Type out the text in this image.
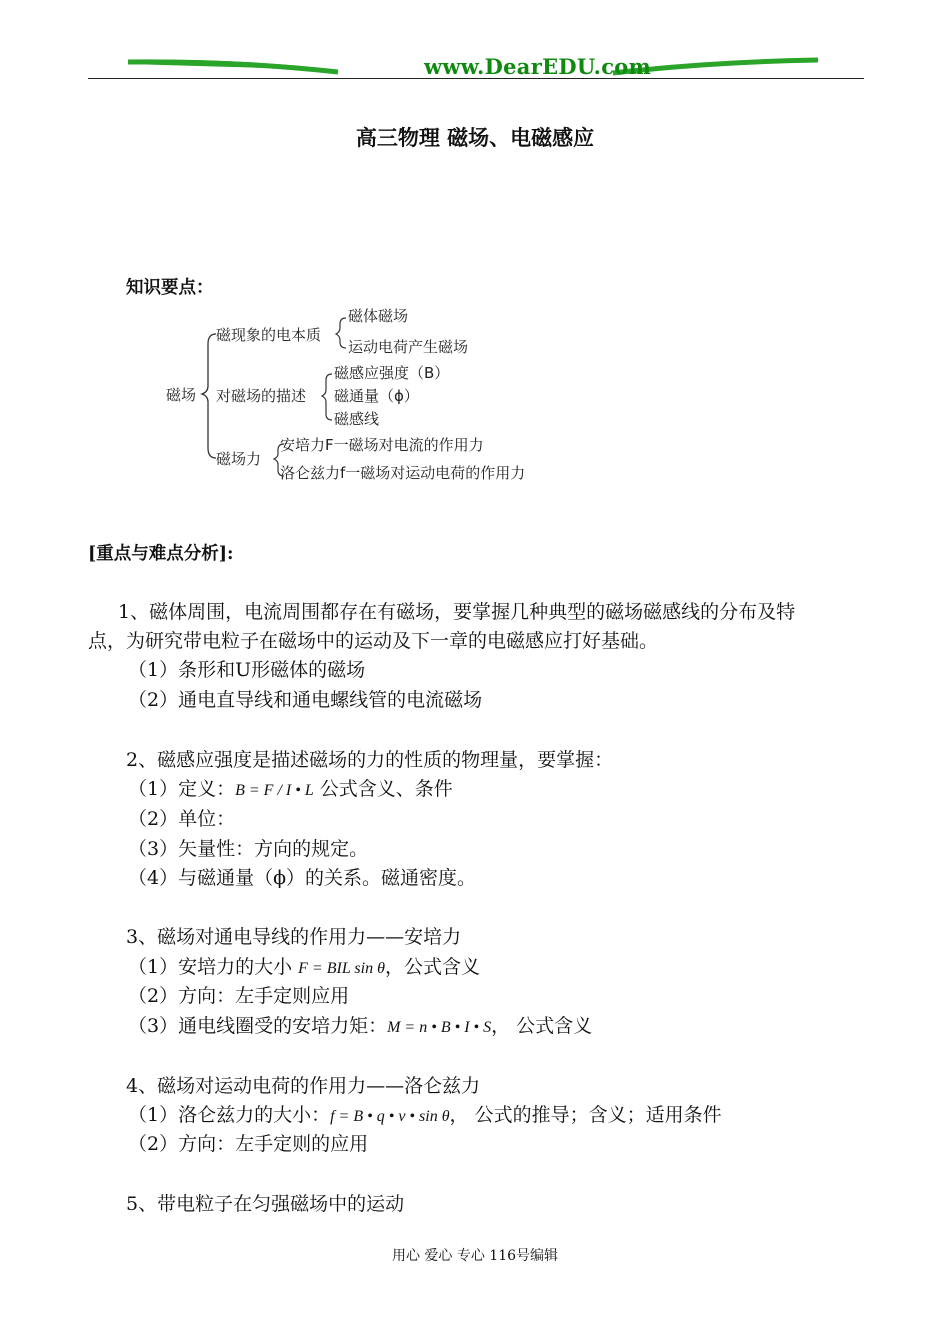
www.DearEDU.com
高三物理 磁场、电磁感应
知识要点：
磁场
磁现象的电本质
磁体磁场
运动电荷产生磁场
对磁场的描述
磁感应强度（B）
磁通量（ϕ）
磁感线
磁场力
安培力F一磁场对电流的作用力
洛仑兹力f一磁场对运动电荷的作用力
[重点与难点分析]:
1、磁体周围，电流周围都存在有磁场，要掌握几种典型的磁场磁感线的分布及特
点，为研究带电粒子在磁场中的运动及下一章的电磁感应打好基础。
（1）条形和U形磁体的磁场
（2）通电直导线和通电螺线管的电流磁场
2、磁感应强度是描述磁场的力的性质的物理量，要掌握：
（1）定义：B = F / I • L 公式含义、条件
（2）单位：
（3）矢量性：方向的规定。
（4）与磁通量（ϕ）的关系。磁通密度。
3、磁场对通电导线的作用力——安培力
（1）安培力的大小 F = BIL sin θ，公式含义
（2）方向：左手定则应用
（3）通电线圈受的安培力矩：M = n • B • I • S， 公式含义
4、磁场对运动电荷的作用力——洛仑兹力
（1）洛仑兹力的大小：f = B • q • v • sin θ， 公式的推导；含义；适用条件
（2）方向：左手定则的应用
5、带电粒子在匀强磁场中的运动
用心 爱心 专心 116号编辑
